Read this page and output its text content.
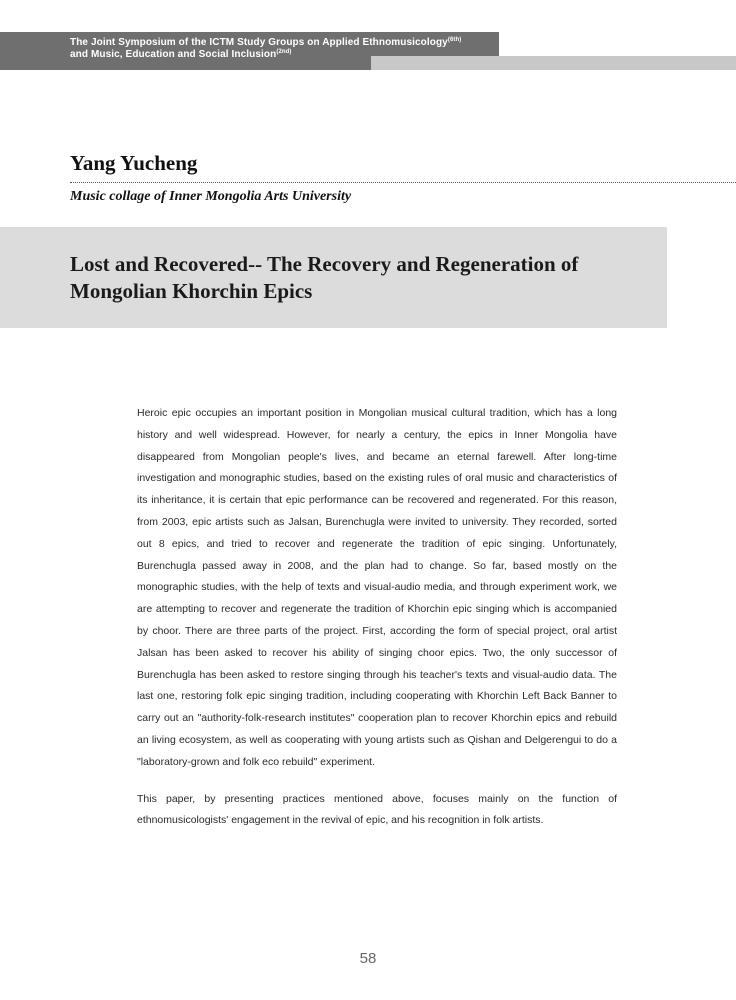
The Joint Symposium of the ICTM Study Groups on Applied Ethnomusicology$^{(6th)}$
and Music, Education and Social Inclusion$^{(2nd)}$
Yang Yucheng

Music collage of Inner Mongolia Arts University

Lost and Recovered-- The Recovery and Regeneration of Mongolian Khorchin Epics

Heroic epic occupies an important position in Mongolian musical cultural tradition, which has a long history and well widespread. However, for nearly a century, the epics in Inner Mongolia have disappeared from Mongolian people's lives, and became an eternal farewell. After long-time investigation and monographic studies, based on the existing rules of oral music and characteristics of its inheritance, it is certain that epic performance can be recovered and regenerated. For this reason, from 2003, epic artists such as Jalsan, Burenchugla were invited to university. They recorded, sorted out 8 epics, and tried to recover and regenerate the tradition of epic singing. Unfortunately, Burenchugla passed away in 2008, and the plan had to change. So far, based mostly on the monographic studies, with the help of texts and visual-audio media, and through experiment work, we are attempting to recover and regenerate the tradition of Khorchin epic singing which is accompanied by choor. There are three parts of the project. First, according the form of special project, oral artist Jalsan has been asked to recover his ability of singing choor epics. Two, the only successor of Burenchugla has been asked to restore singing through his teacher's texts and visual-audio data. The last one, restoring folk epic singing tradition, including cooperating with Khorchin Left Back Banner to carry out an "authority-folk-research institutes" cooperation plan to recover Khorchin epics and rebuild an living ecosystem, as well as cooperating with young artists such as Qishan and Delgerengui to do a "laboratory-grown and folk eco rebuild" experiment.

This paper, by presenting practices mentioned above, focuses mainly on the function of ethnomusicologists' engagement in the revival of epic, and his recognition in folk artists.

58
